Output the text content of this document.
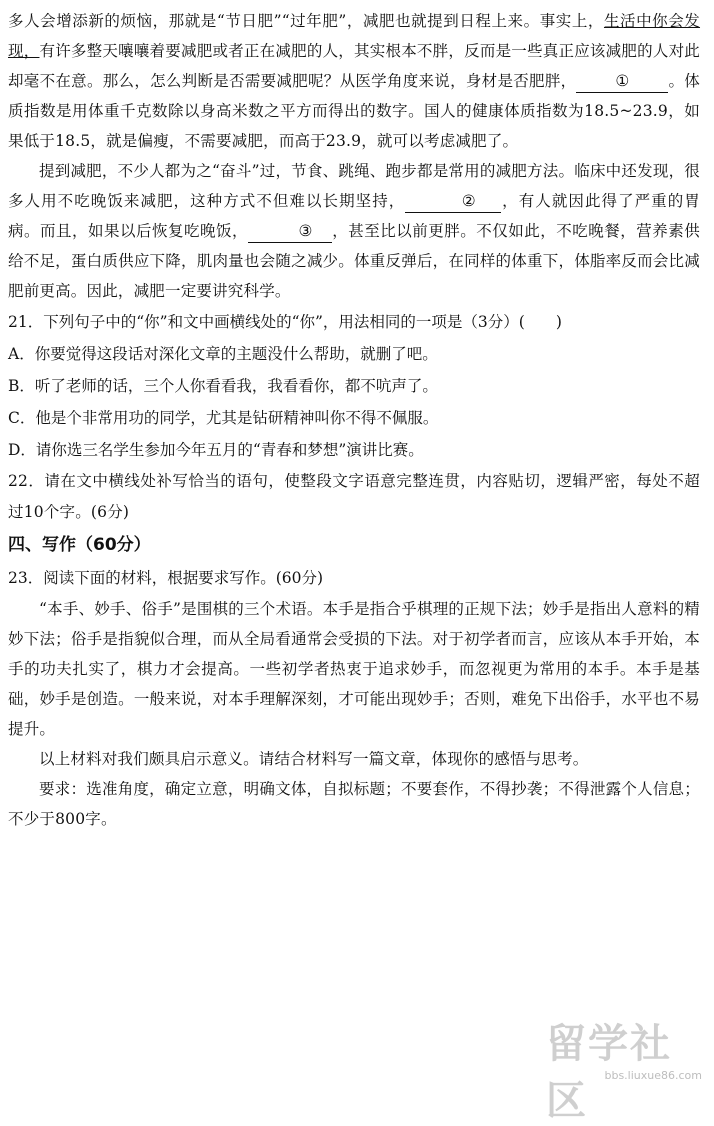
多人会增添新的烦恼，那就是“节日肥”“过年肥”，减肥也就提到日程上来。事实上，生活中你会发现，有许多整天嚷嚷着要减肥或者正在减肥的人，其实根本不胖，反而是一些真正应该减肥的人对此却毫不在意。那么，怎么判断是否需要减肥呢？从医学角度来说，身材是否肥胖，	①	。体质指数是用体重千克数除以身高米数之平方而得出的数字。国人的健康体质指数为18.5~23.9，如果低于18.5，就是偏瘦，不需要减肥，而高于23.9，就可以考虑减肥了。

提到减肥，不少人都为之“奋斗”过，节食、跳绳、跑步都是常用的减肥方法。临床中还发现，很多人用不吃晚饭来减肥，这种方式不但难以长期坚持，	② ，有人就因此得了严重的胃病。而且，如果以后恢复吃晚饭，	③ ，甚至比以前更胖。不仅如此，不吃晚餐，营养素供给不足，蛋白质供应下降，肌肉量也会随之减少。体重反弹后，在同样的体重下，体脂率反而会比减肥前更高。因此，减肥一定要讲究科学。

21．下列句子中的“你”和文中画横线处的“你”，用法相同的一项是（3分）(　　)

A．你要觉得这段话对深化文章的主题没什么帮助，就删了吧。

B．听了老师的话，三个人你看看我，我看看你，都不吭声了。

C．他是个非常用功的同学，尤其是钻研精神叫你不得不佩服。

D．请你选三名学生参加今年五月的“青春和梦想”演讲比赛。

22．请在文中横线处补写恰当的语句，使整段文字语意完整连贯，内容贴切，逻辑严密，每处不超过10个字。(6分)

四、写作（60分）

23．阅读下面的材料，根据要求写作。(60分)

“本手、妙手、俗手”是围棋的三个术语。本手是指合乎棋理的正规下法；妙手是指出人意料的精妙下法；俗手是指貌似合理，而从全局看通常会受损的下法。对于初学者而言，应该从本手开始，本手的功夫扎实了，棋力才会提高。一些初学者热衷于追求妙手，而忽视更为常用的本手。本手是基础，妙手是创造。一般来说，对本手理解深刻，才可能出现妙手；否则，难免下出俗手，水平也不易提升。

以上材料对我们颇具启示意义。请结合材料写一篇文章，体现你的感悟与思考。

要求：选准角度，确定立意，明确文体，自拟标题；不要套作，不得抄袭；不得泄露个人信息；不少于800字。

留学社区
bbs.liuxue86.com
